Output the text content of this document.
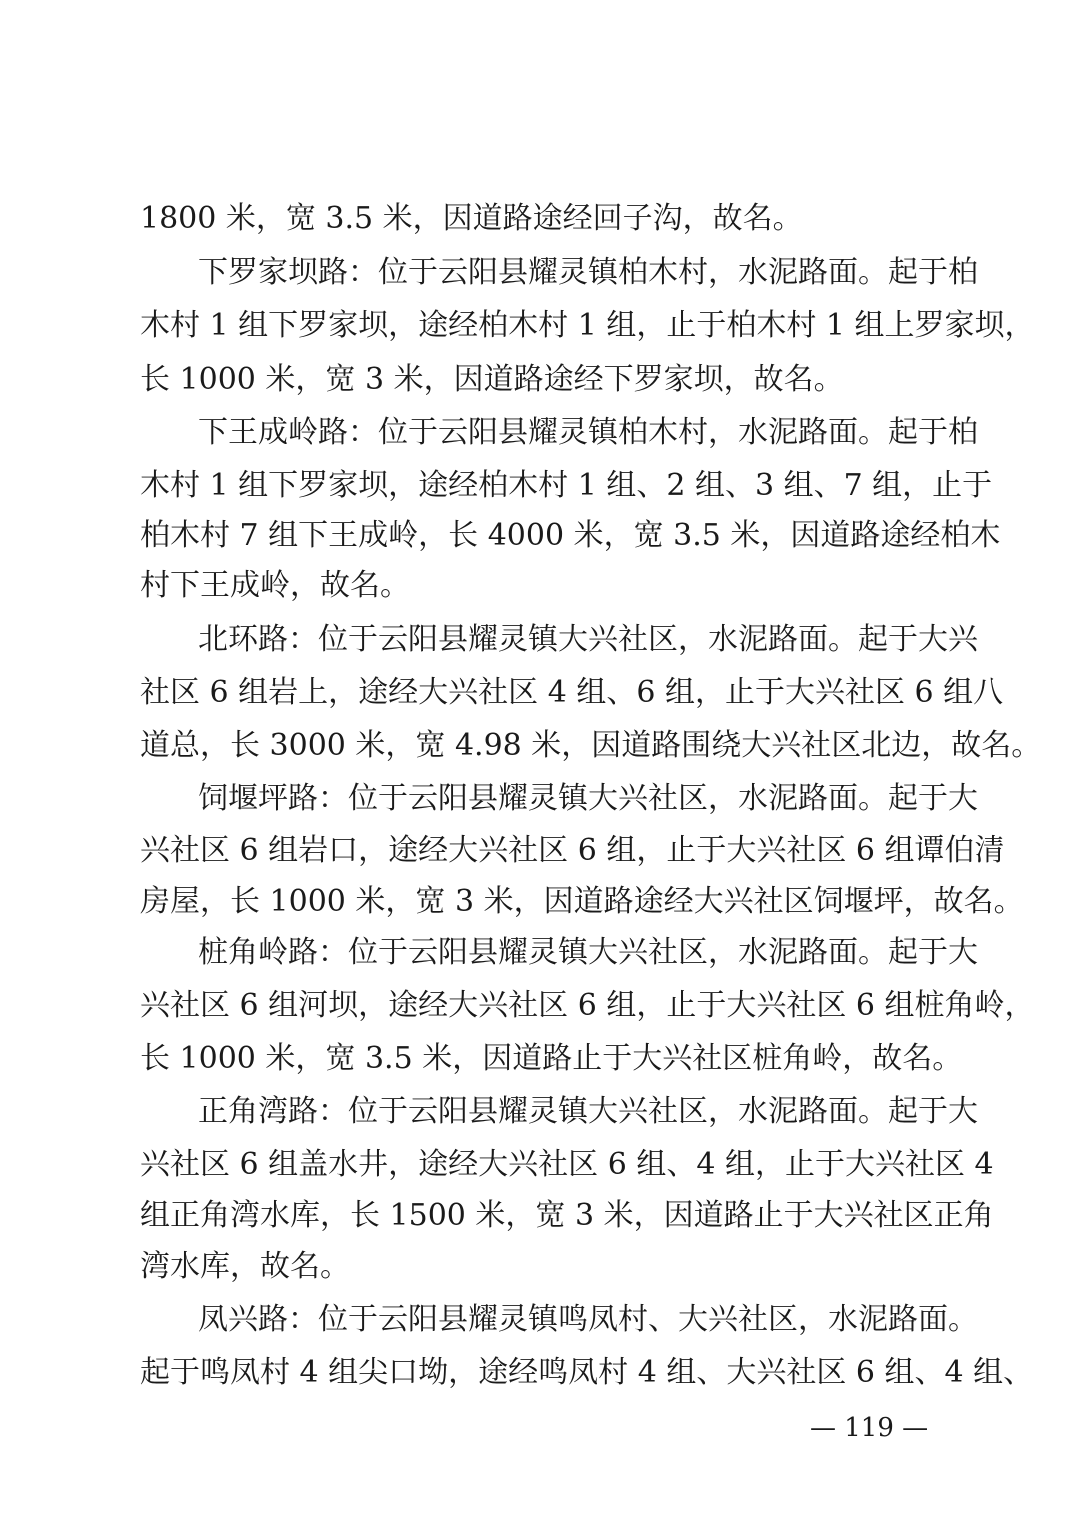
1800 米，宽 3.5 米，因道路途经回子沟，故名。
下罗家坝路：位于云阳县耀灵镇柏木村，水泥路面。起于柏
木村 1 组下罗家坝，途经柏木村 1 组，止于柏木村 1 组上罗家坝，
长 1000 米，宽 3 米，因道路途经下罗家坝，故名。
下王成岭路：位于云阳县耀灵镇柏木村，水泥路面。起于柏
木村 1 组下罗家坝，途经柏木村 1 组、2 组、3 组、7 组，止于
柏木村 7 组下王成岭，长 4000 米，宽 3.5 米，因道路途经柏木
村下王成岭，故名。
北环路：位于云阳县耀灵镇大兴社区，水泥路面。起于大兴
社区 6 组岩上，途经大兴社区 4 组、6 组，止于大兴社区 6 组八
道总，长 3000 米，宽 4.98 米，因道路围绕大兴社区北边，故名。
饲堰坪路：位于云阳县耀灵镇大兴社区，水泥路面。起于大
兴社区 6 组岩口，途经大兴社区 6 组，止于大兴社区 6 组谭伯清
房屋，长 1000 米，宽 3 米，因道路途经大兴社区饲堰坪，故名。
桩角岭路：位于云阳县耀灵镇大兴社区，水泥路面。起于大
兴社区 6 组河坝，途经大兴社区 6 组，止于大兴社区 6 组桩角岭，
长 1000 米，宽 3.5 米，因道路止于大兴社区桩角岭，故名。
正角湾路：位于云阳县耀灵镇大兴社区，水泥路面。起于大
兴社区 6 组盖水井，途经大兴社区 6 组、4 组，止于大兴社区 4
组正角湾水库，长 1500 米，宽 3 米，因道路止于大兴社区正角
湾水库，故名。
凤兴路：位于云阳县耀灵镇鸣凤村、大兴社区，水泥路面。
起于鸣凤村 4 组尖口坳，途经鸣凤村 4 组、大兴社区 6 组、4 组、
— 119 —
